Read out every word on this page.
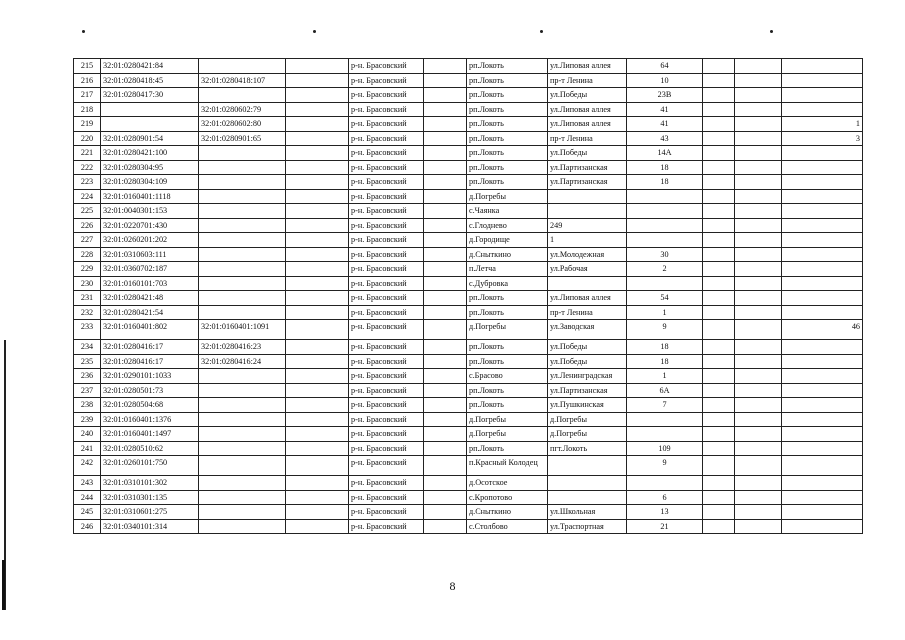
215	32:01:0280421:84			р-н. Брасовский		рп.Локоть	ул.Липовая аллея	64			
216	32:01:0280418:45	32:01:0280418:107		р-н. Брасовский		рп.Локоть	пр-т Ленина	10			
217	32:01:0280417:30			р-н. Брасовский		рп.Локоть	ул.Победы	23В			
218		32:01:0280602:79		р-н. Брасовский		рп.Локоть	ул.Липовая аллея	41			
219		32:01:0280602:80		р-н. Брасовский		рп.Локоть	ул.Липовая аллея	41			1
220	32:01:0280901:54	32:01:0280901:65		р-н. Брасовский		рп.Локоть	пр-т Ленина	43			3
221	32:01:0280421:100			р-н. Брасовский		рп.Локоть	ул.Победы	14А			
222	32:01:0280304:95			р-н. Брасовский		рп.Локоть	ул.Партизанская	18			
223	32:01:0280304:109			р-н. Брасовский		рп.Локоть	ул.Партизанская	18			
224	32:01:0160401:1118			р-н. Брасовский		д.Погребы					
225	32:01:0040301:153			р-н. Брасовский		с.Чаянка					
226	32:01:0220701:430			р-н. Брасовский		с.Глоднево	249				
227	32:01:0260201:202			р-н. Брасовский		д.Городище	1				
228	32:01:0310603:111			р-н. Брасовский		д.Сныткино	ул.Молодежная	30			
229	32:01:0360702:187			р-н. Брасовский		п.Летча	ул.Рабочая	2			
230	32:01:0160101:703			р-н. Брасовский		с.Дубровка					
231	32:01:0280421:48			р-н. Брасовский		рп.Локоть	ул.Липовая аллея	54			
232	32:01:0280421:54			р-н. Брасовский		рп.Локоть	пр-т Ленина	1			
233	32:01:0160401:802	32:01:0160401:1091		р-н. Брасовский		д.Погребы	ул.Заводская	9			46
234	32:01:0280416:17	32:01:0280416:23		р-н. Брасовский		рп.Локоть	ул.Победы	18			
235	32:01:0280416:17	32:01:0280416:24		р-н. Брасовский		рп.Локоть	ул.Победы	18			
236	32:01:0290101:1033			р-н. Брасовский		с.Брасово	ул.Ленинградская	1			
237	32:01:0280501:73			р-н. Брасовский		рп.Локоть	ул.Партизанская	6А			
238	32:01:0280504:68			р-н. Брасовский		рп.Локоть	ул.Пушкинская	7			
239	32:01:0160401:1376			р-н. Брасовский		д.Погребы	д.Погребы				
240	32:01:0160401:1497			р-н. Брасовский		д.Погребы	д.Погребы				
241	32:01:0280510:62			р-н. Брасовский		рп.Локоть	пгт.Локоть	109			
242	32:01:0260101:750			р-н. Брасовский		п.Красный Колодец		9			
243	32:01:0310101:302			р-н. Брасовский		д.Осотское					
244	32:01:0310301:135			р-н. Брасовский		с.Кропотово		6			
245	32:01:0310601:275			р-н. Брасовский		д.Сныткино	ул.Школьная	13			
246	32:01:0340101:314			р-н. Брасовский		с.Столбово	ул.Траспортная	21			
8
